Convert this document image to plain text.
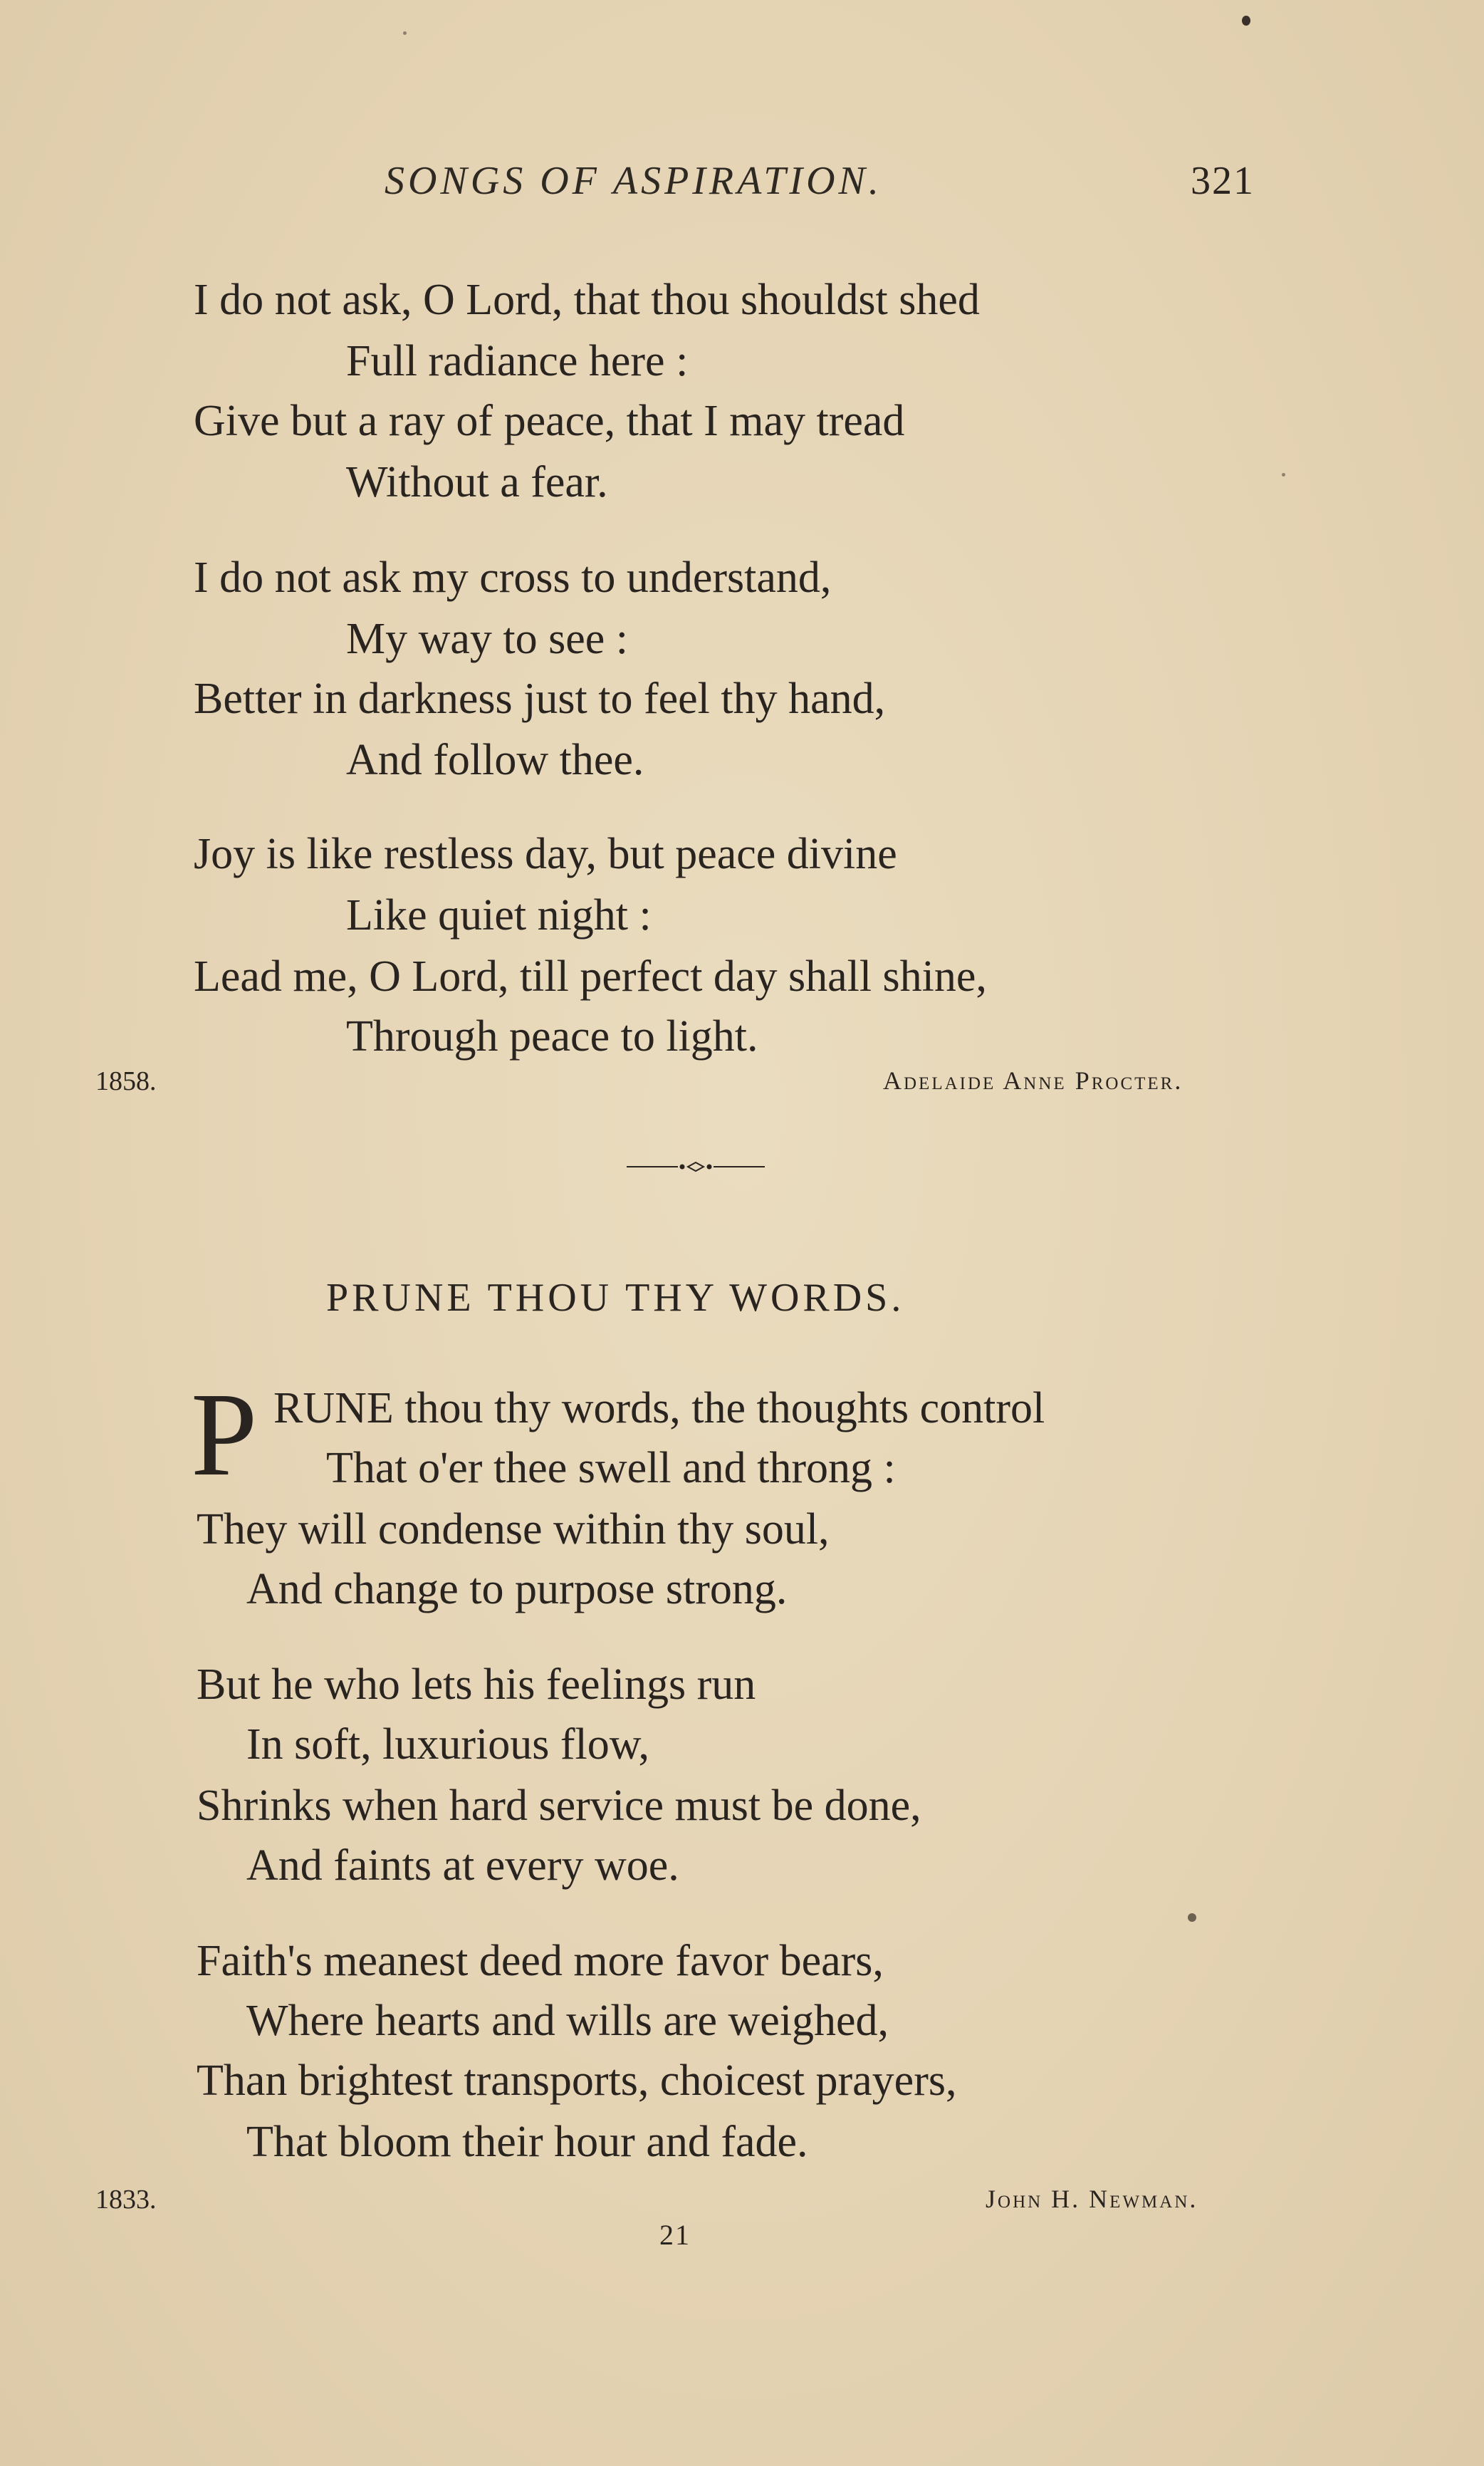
SONGS OF ASPIRATION.	321
I do not ask, O Lord, that thou shouldst shed
Full radiance here :
Give but a ray of peace, that I may tread
Without a fear.
I do not ask my cross to understand,
My way to see :
Better in darkness just to feel thy hand,
And follow thee.
Joy is like restless day, but peace divine
Like quiet night :
Lead me, O Lord, till perfect day shall shine,
Through peace to light.
1858.	Adelaide Anne Procter.
PRUNE THOU THY WORDS.
P RUNE thou thy words, the thoughts control
That o'er thee swell and throng :
They will condense within thy soul,
And change to purpose strong.
But he who lets his feelings run
In soft, luxurious flow,
Shrinks when hard service must be done,
And faints at every woe.
Faith's meanest deed more favor bears,
Where hearts and wills are weighed,
Than brightest transports, choicest prayers,
That bloom their hour and fade.
1833.	John H. Newman.
21
